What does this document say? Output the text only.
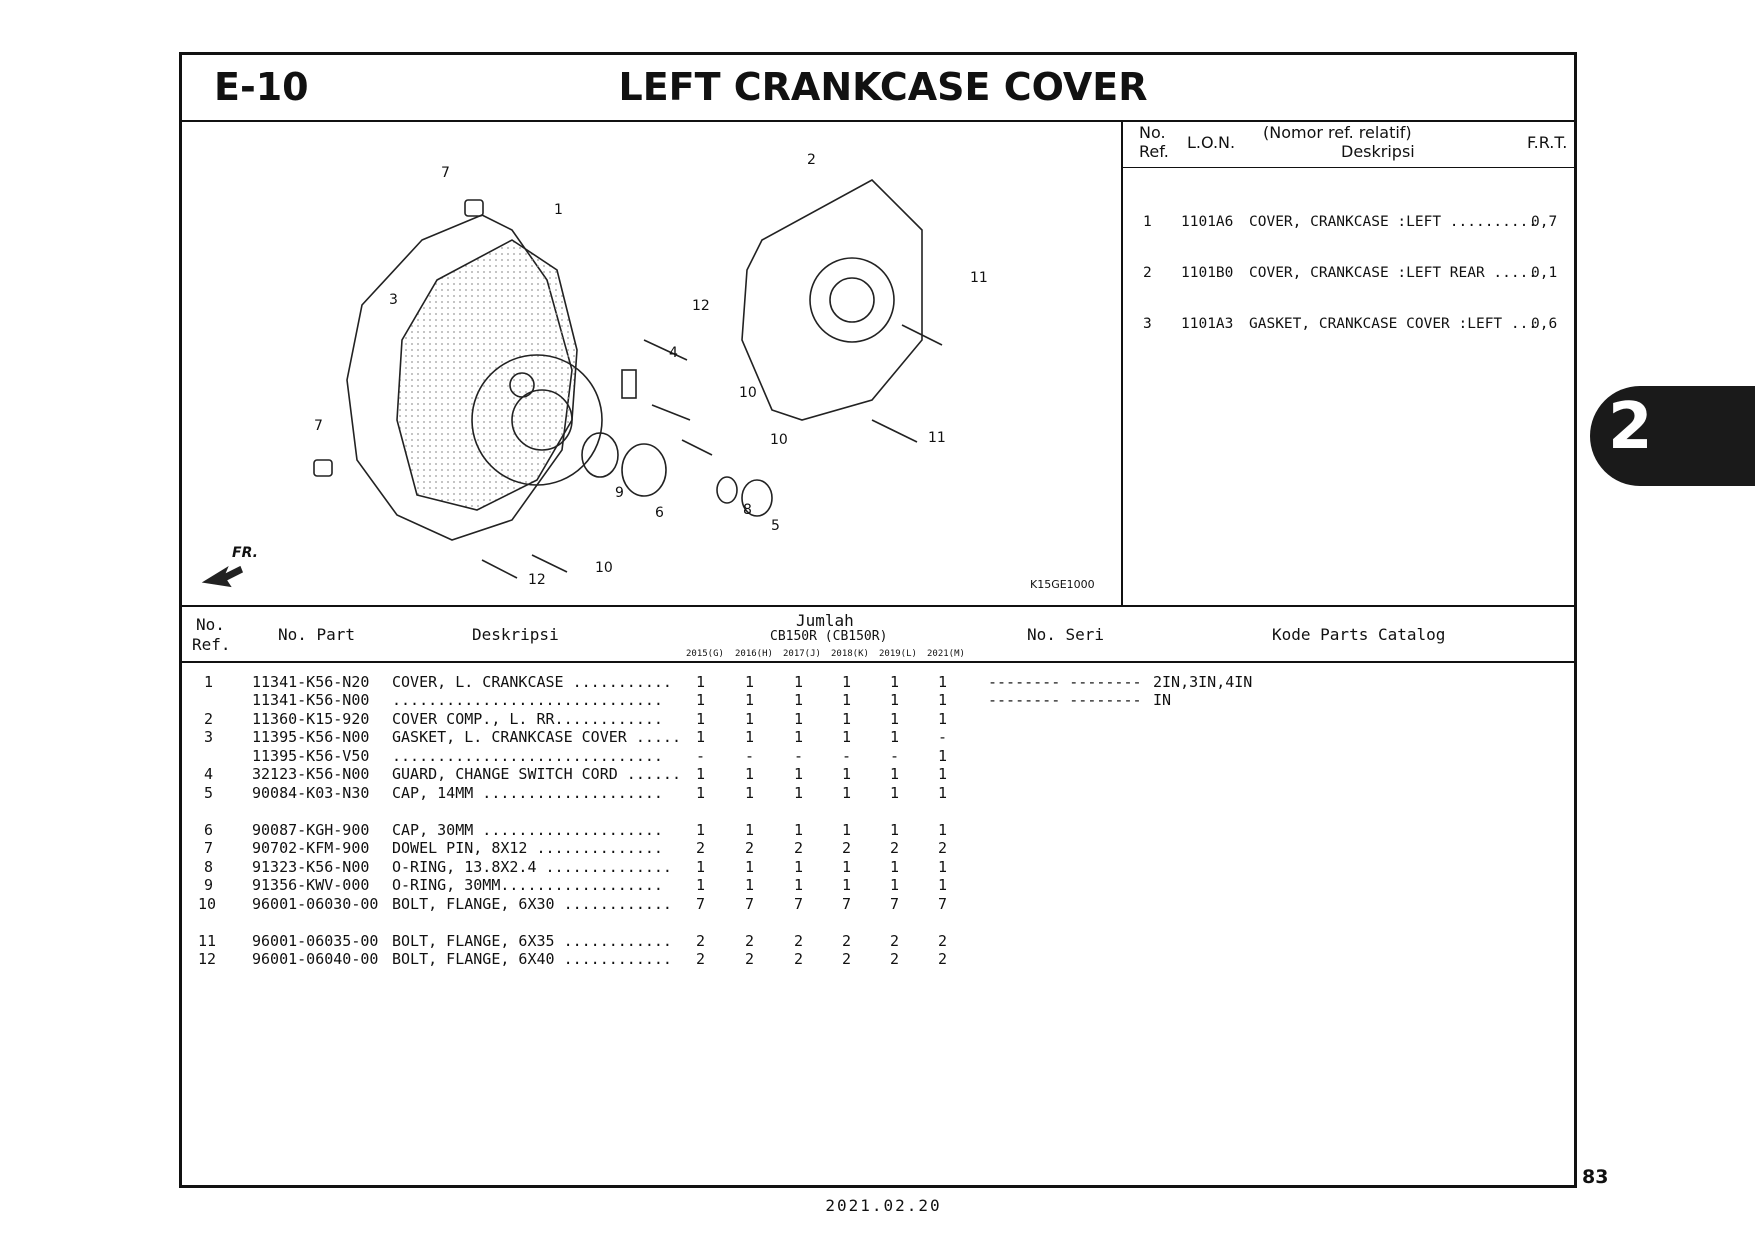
E-10	LEFT CRANKCASE COVER
7
1
2
3
11
12
4
10
7
10	11
9
6	8
5
10
12
FR.
K15GE1000
No.
Ref. L.O.N.
(Nomor ref. relatif)
Deskripsi	F.R.T.

1 1101A6 COVER, CRANKCASE :LEFT ..........0,7

2 1101B0 COVER, CRANKCASE :LEFT REAR .....0,1

3 1101A3 GASKET, CRANKCASE COVER :LEFT ...0,6

No.
Ref.
No. Part	Deskripsi
Jumlah
CB150R (CB150R)
2015(G) 2016(H) 2017(J) 2018(K) 2019(L) 2021(M)
No. Seri	Kode Parts Catalog
1	11341-K56-N20 COVER, L. CRANKCASE ........... 1	1	1	1	1	1	-------- -------- 2IN,3IN,4IN
11341-K56-N00 .............................. 1	1	1	1	1	1	-------- -------- IN
2	11360-K15-920 COVER COMP., L. RR............ 1	1	1	1	1	1
3	11395-K56-N00 GASKET, L. CRANKCASE COVER ..... 1	1	1	1	1	-
11395-K56-V50 .............................. -	-	-	-	-	1
4	32123-K56-N00 GUARD, CHANGE SWITCH CORD ...... 1	1	1	1	1	1
5	90084-K03-N30 CAP, 14MM .................... 1	1	1	1	1	1
6	90087-KGH-900 CAP, 30MM .................... 1	1	1	1	1	1
7	90702-KFM-900 DOWEL PIN, 8X12 .............. 2	2	2	2	2	2
8	91323-K56-N00 O-RING, 13.8X2.4 .............. 1	1	1	1	1	1
9	91356-KWV-000 O-RING, 30MM.................. 1	1	1	1	1	1
10 96001-06030-00 BOLT, FLANGE, 6X30 ............ 7	7	7	7	7	7
11 96001-06035-00 BOLT, FLANGE, 6X35 ............ 2	2	2	2	2	2
12 96001-06040-00 BOLT, FLANGE, 6X40 ............ 2	2	2	2	2	2
2
83
2021.02.20
